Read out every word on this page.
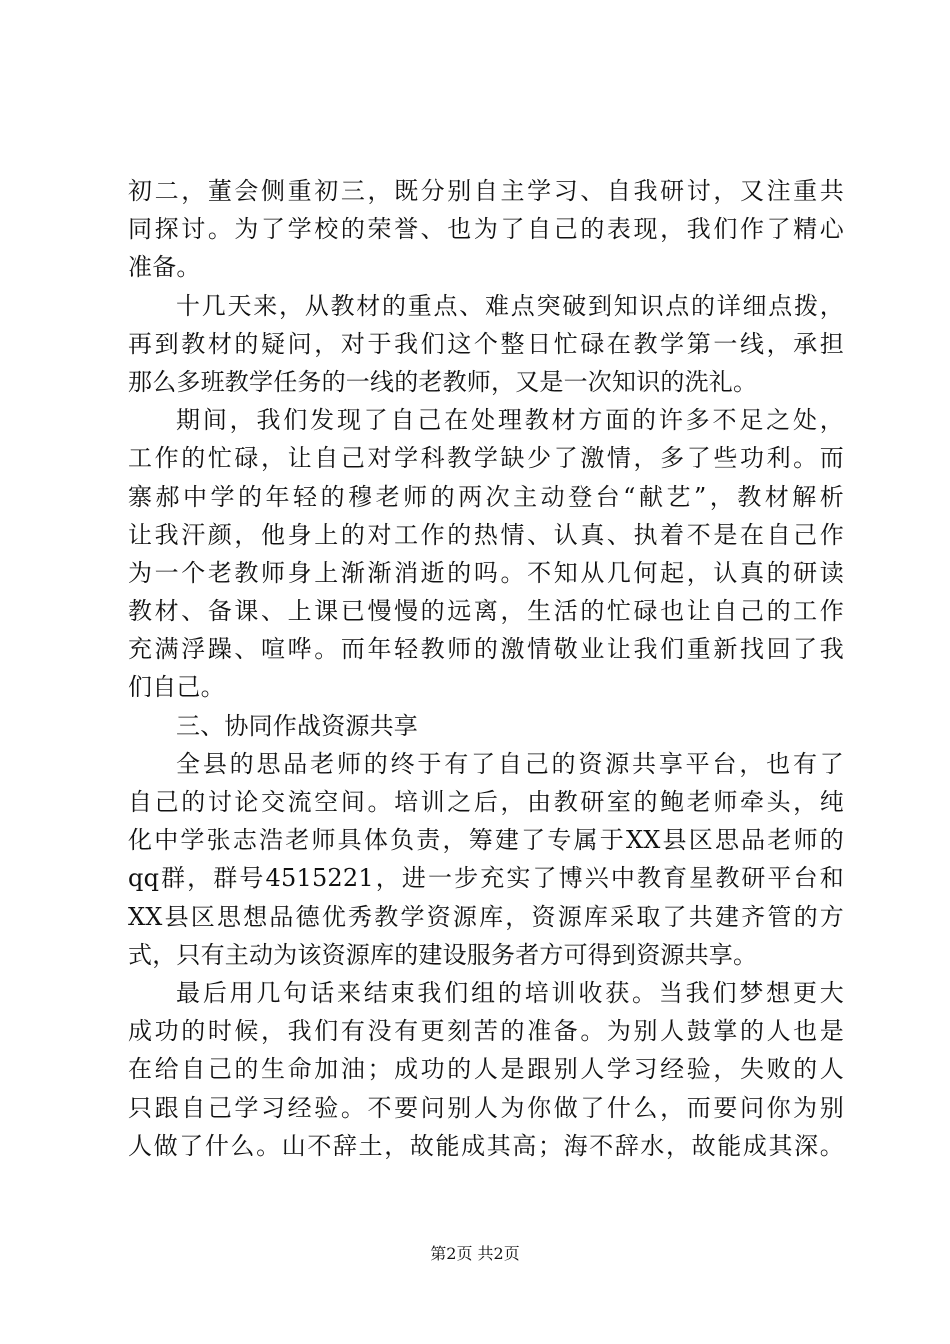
初二，董会侧重初三，既分别自主学习、自我研讨，又注重共
同探讨。为了学校的荣誉、也为了自己的表现，我们作了精心
准备。
十几天来，从教材的重点、难点突破到知识点的详细点拨，
再到教材的疑问，对于我们这个整日忙碌在教学第一线，承担
那么多班教学任务的一线的老教师，又是一次知识的洗礼。
期间，我们发现了自己在处理教材方面的许多不足之处，
工作的忙碌，让自己对学科教学缺少了激情，多了些功利。而
寨郝中学的年轻的穆老师的两次主动登台“献艺”，教材解析
让我汗颜，他身上的对工作的热情、认真、执着不是在自己作
为一个老教师身上渐渐消逝的吗。不知从几何起，认真的研读
教材、备课、上课已慢慢的远离，生活的忙碌也让自己的工作
充满浮躁、喧哗。而年轻教师的激情敬业让我们重新找回了我
们自己。
三、协同作战资源共享
全县的思品老师的终于有了自己的资源共享平台，也有了
自己的讨论交流空间。培训之后，由教研室的鲍老师牵头，纯
化中学张志浩老师具体负责，筹建了专属于XX县区思品老师的
qq群，群号4515221，进一步充实了博兴中教育星教研平台和
XX县区思想品德优秀教学资源库，资源库采取了共建齐管的方
式，只有主动为该资源库的建设服务者方可得到资源共享。
最后用几句话来结束我们组的培训收获。当我们梦想更大
成功的时候，我们有没有更刻苦的准备。为别人鼓掌的人也是
在给自己的生命加油；成功的人是跟别人学习经验，失败的人
只跟自己学习经验。不要问别人为你做了什么，而要问你为别
人做了什么。山不辞土，故能成其高；海不辞水，故能成其深。
第2页 共2页
